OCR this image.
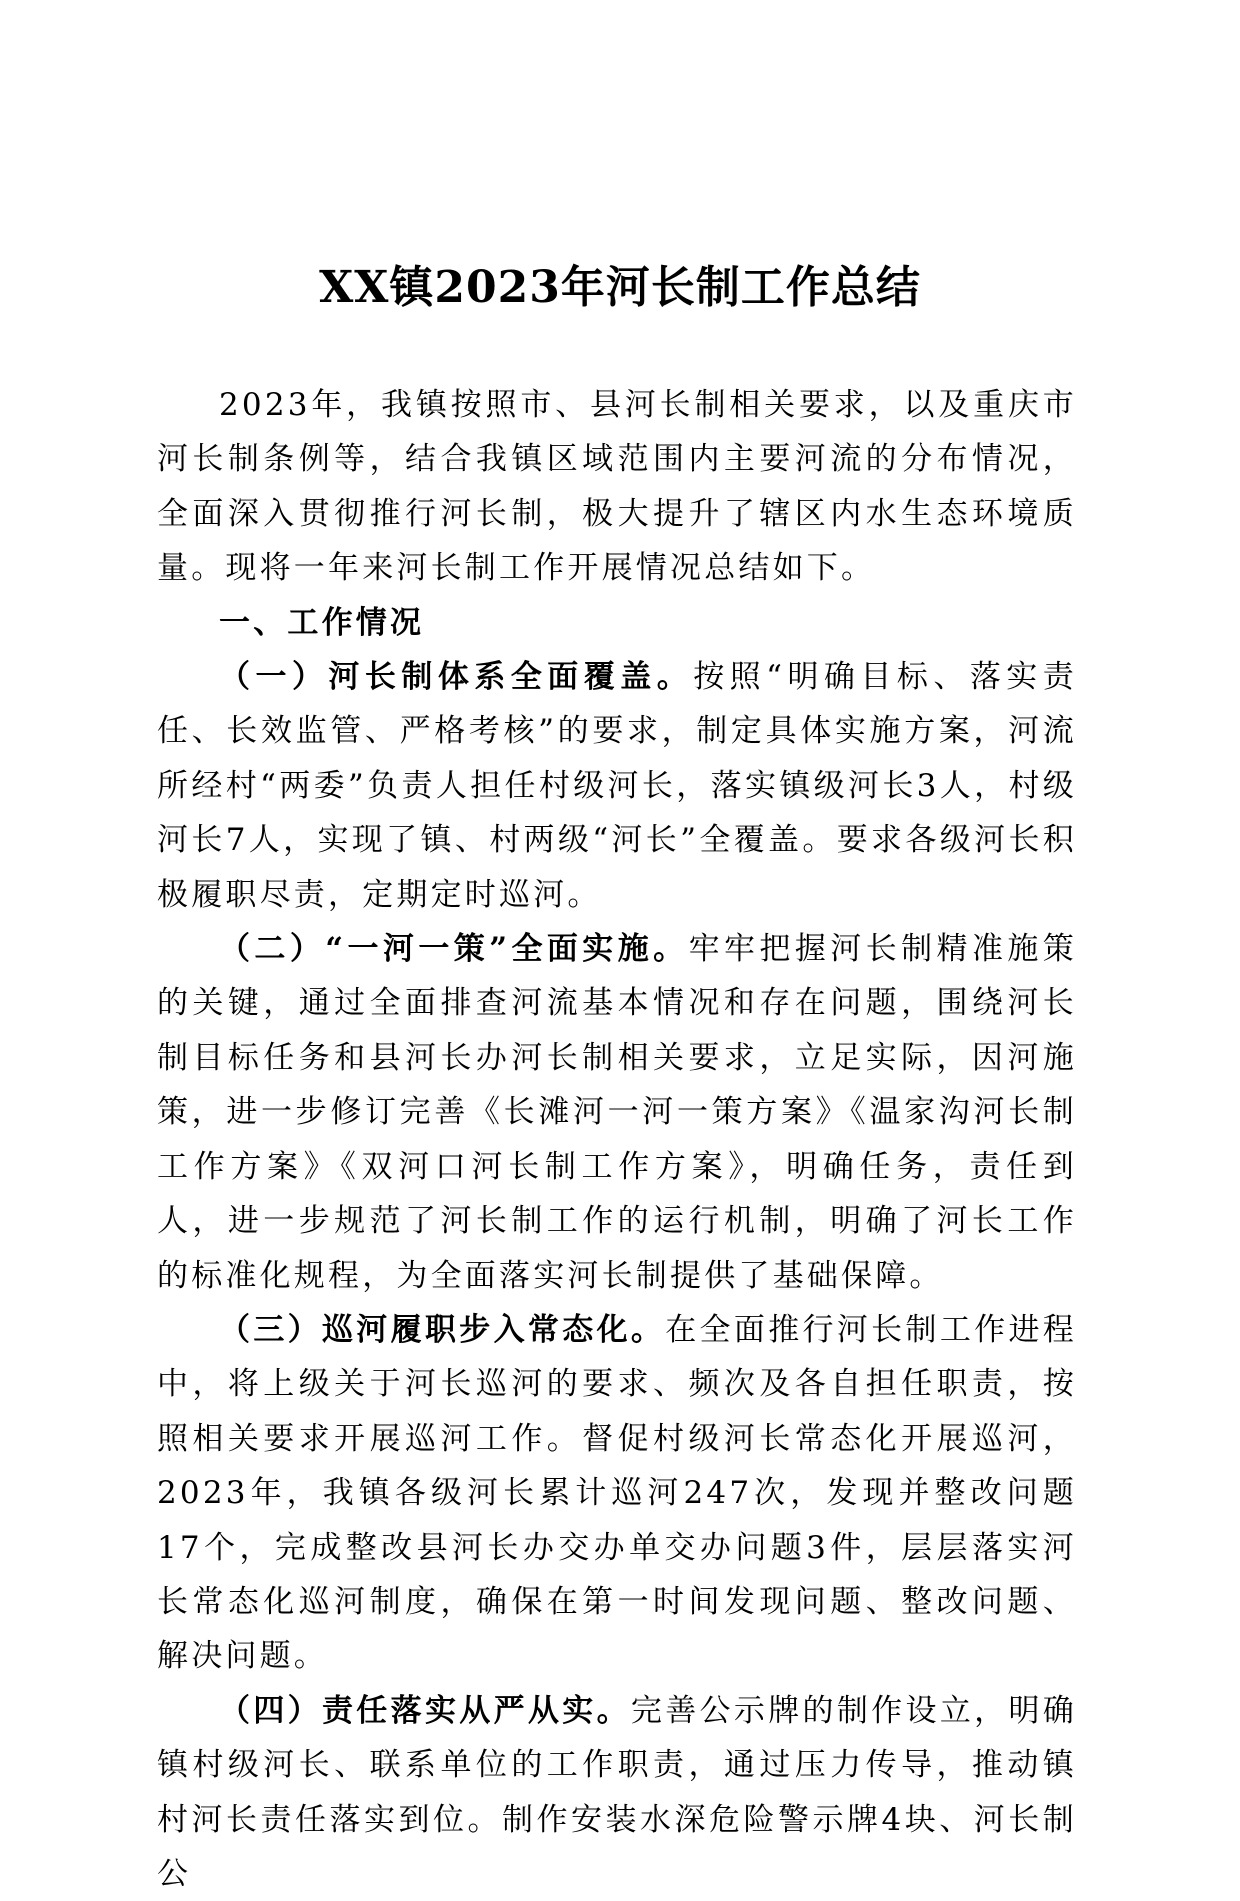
XX镇2023年河长制工作总结

2023年，我镇按照市、县河长制相关要求，以及重庆市河长制条例等，结合我镇区域范围内主要河流的分布情况，全面深入贯彻推行河长制，极大提升了辖区内水生态环境质量。现将一年来河长制工作开展情况总结如下。

一、工作情况

（一）河长制体系全面覆盖。按照“明确目标、落实责任、长效监管、严格考核”的要求，制定具体实施方案，河流所经村“两委”负责人担任村级河长，落实镇级河长3人，村级河长7人，实现了镇、村两级“河长”全覆盖。要求各级河长积极履职尽责，定期定时巡河。

（二）“一河一策”全面实施。牢牢把握河长制精准施策的关键，通过全面排查河流基本情况和存在问题，围绕河长制目标任务和县河长办河长制相关要求，立足实际，因河施策，进一步修订完善《长滩河一河一策方案》《温家沟河长制工作方案》《双河口河长制工作方案》，明确任务，责任到人，进一步规范了河长制工作的运行机制，明确了河长工作的标准化规程，为全面落实河长制提供了基础保障。

（三）巡河履职步入常态化。在全面推行河长制工作进程中，将上级关于河长巡河的要求、频次及各自担任职责，按照相关要求开展巡河工作。督促村级河长常态化开展巡河，2023年，我镇各级河长累计巡河247次，发现并整改问题17个，完成整改县河长办交办单交办问题3件，层层落实河长常态化巡河制度，确保在第一时间发现问题、整改问题、解决问题。

（四）责任落实从严从实。完善公示牌的制作设立，明确镇村级河长、联系单位的工作职责，通过压力传导，推动镇村河长责任落实到位。制作安装水深危险警示牌4块、河长制公
